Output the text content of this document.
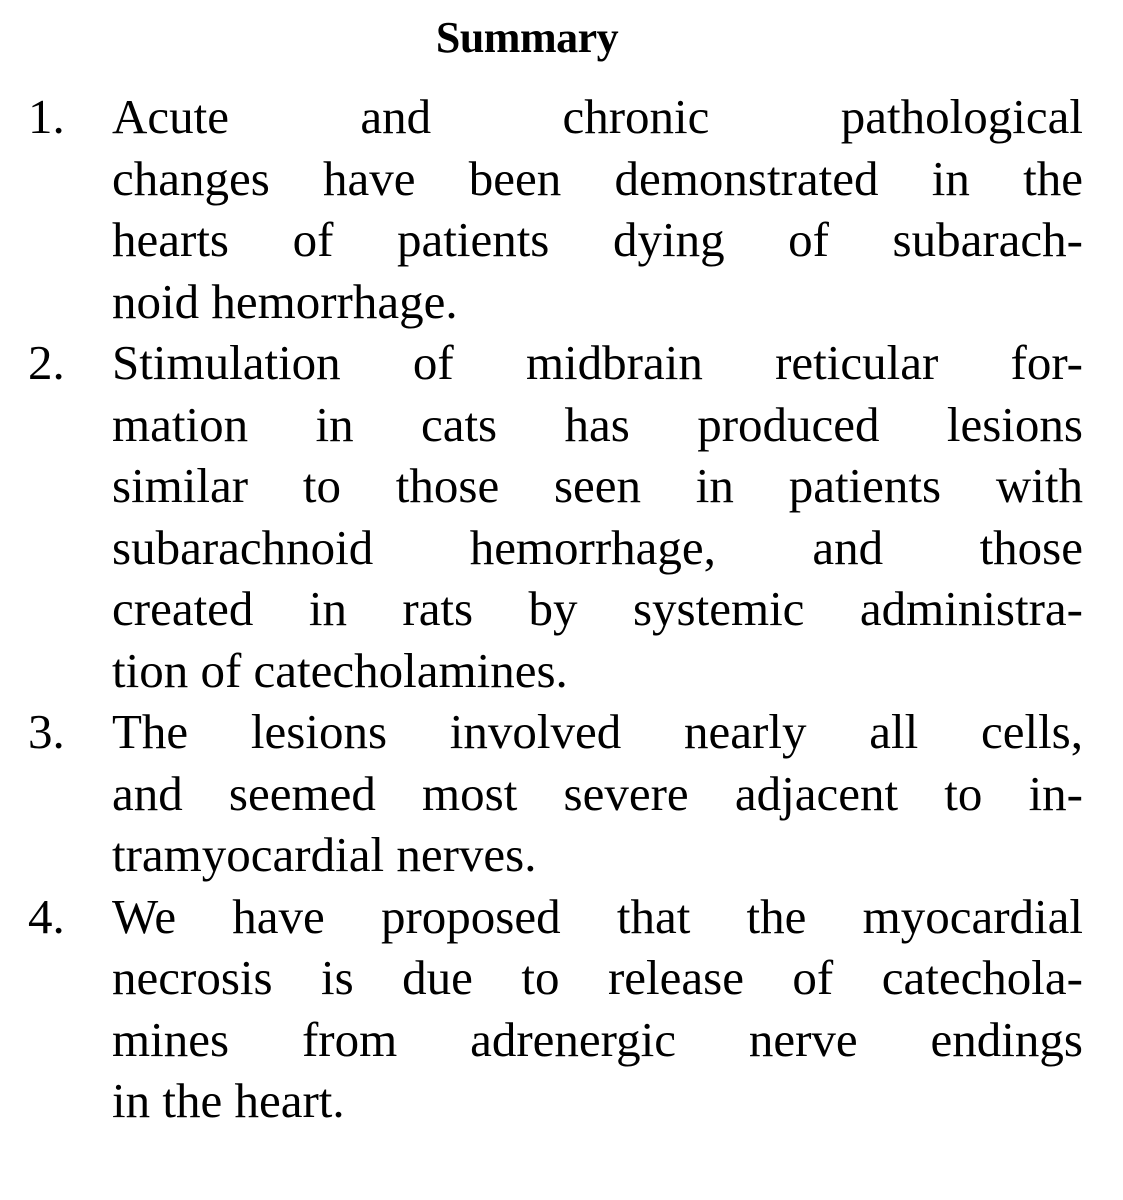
Summary
1. Acute and chronic pathological
changes have been demonstrated in the
hearts of patients dying of subarach-
noid hemorrhage.
2. Stimulation of midbrain reticular for-
mation in cats has produced lesions
similar to those seen in patients with
subarachnoid hemorrhage, and those
created in rats by systemic administra-
tion of catecholamines.
3. The lesions involved nearly all cells,
and seemed most severe adjacent to in-
tramyocardial nerves.
4. We have proposed that the myocardial
necrosis is due to release of catechola-
mines from adrenergic nerve endings
in the heart.
